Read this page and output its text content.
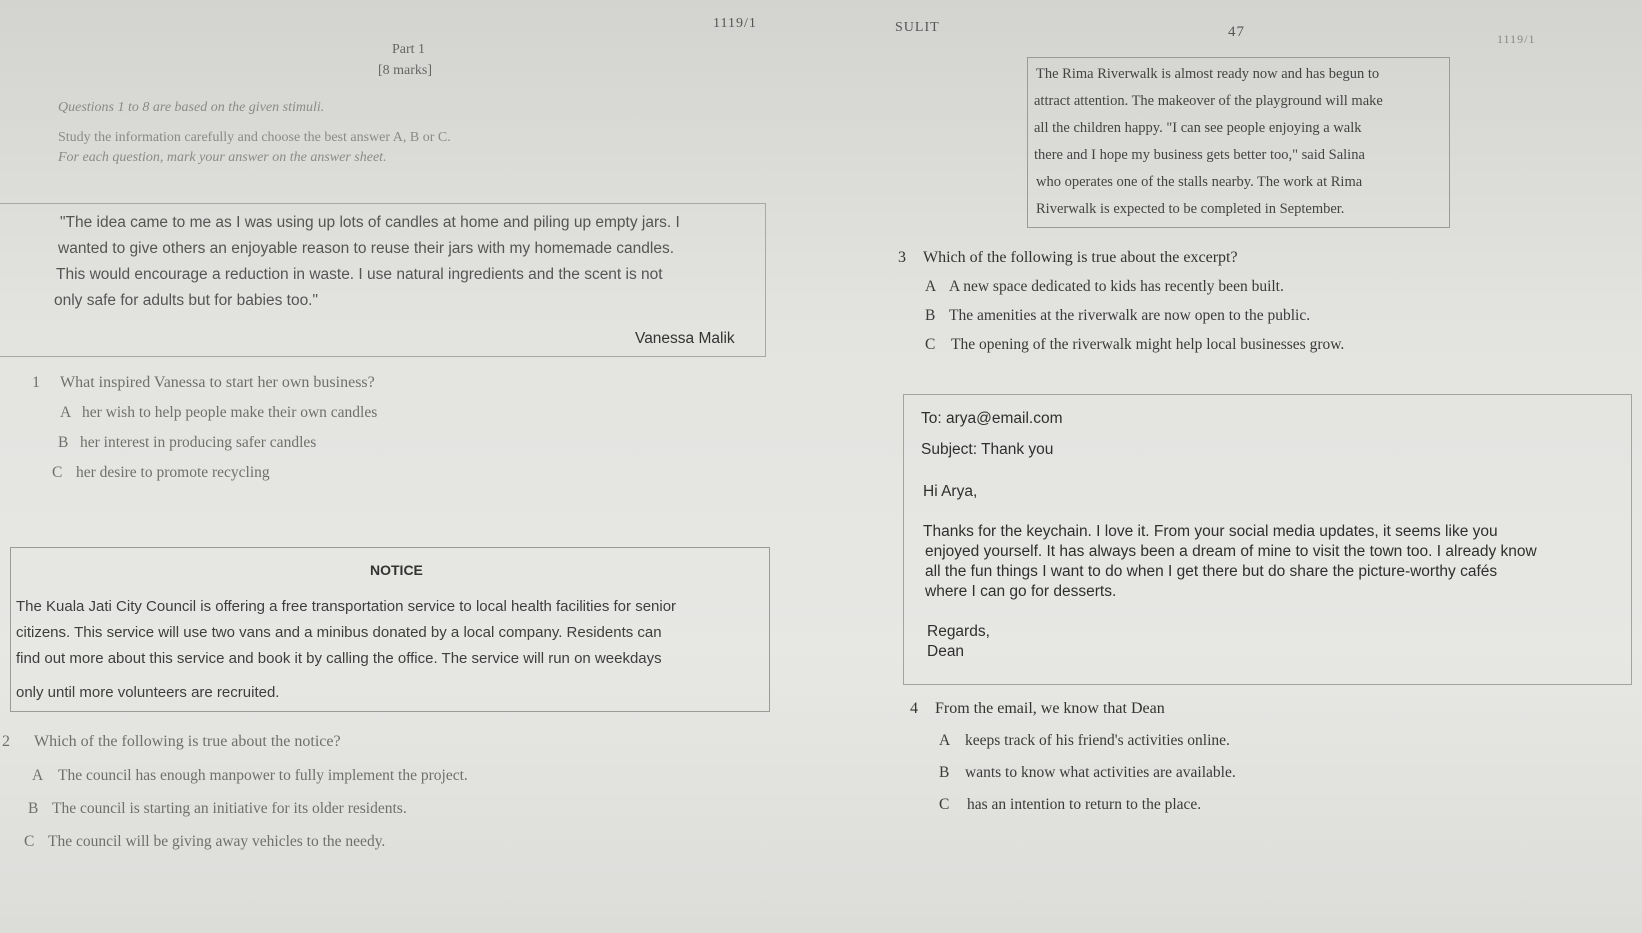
1119/1	SULIT	47	1119/1
Part 1
[8 marks]
Questions 1 to 8 are based on the given stimuli.
Study the information carefully and choose the best answer A, B or C.
For each question, mark your answer on the answer sheet.
"The idea came to me as I was using up lots of candles at home and piling up empty jars. I
wanted to give others an enjoyable reason to reuse their jars with my homemade candles.
This would encourage a reduction in waste. I use natural ingredients and the scent is not
only safe for adults but for babies too."
Vanessa Malik
1 What inspired Vanessa to start her own business?
A her wish to help people make their own candles
B her interest in producing safer candles
C her desire to promote recycling
NOTICE
The Kuala Jati City Council is offering a free transportation service to local health facilities for senior
citizens. This service will use two vans and a minibus donated by a local company. Residents can
find out more about this service and book it by calling the office. The service will run on weekdays
only until more volunteers are recruited.
2 Which of the following is true about the notice?
A The council has enough manpower to fully implement the project.
B The council is starting an initiative for its older residents.
C The council will be giving away vehicles to the needy.
The Rima Riverwalk is almost ready now and has begun to
attract attention. The makeover of the playground will make
all the children happy. "I can see people enjoying a walk
there and I hope my business gets better too," said Salina
who operates one of the stalls nearby. The work at Rima
Riverwalk is expected to be completed in September.
3 Which of the following is true about the excerpt?
A A new space dedicated to kids has recently been built.
B The amenities at the riverwalk are now open to the public.
C The opening of the riverwalk might help local businesses grow.
To: arya@email.com
Subject: Thank you
Hi Arya,
Thanks for the keychain. I love it. From your social media updates, it seems like you
enjoyed yourself. It has always been a dream of mine to visit the town too. I already know
all the fun things I want to do when I get there but do share the picture-worthy cafés
where I can go for desserts.
Regards,
Dean
4 From the email, we know that Dean
A keeps track of his friend's activities online.
B wants to know what activities are available.
C has an intention to return to the place.
